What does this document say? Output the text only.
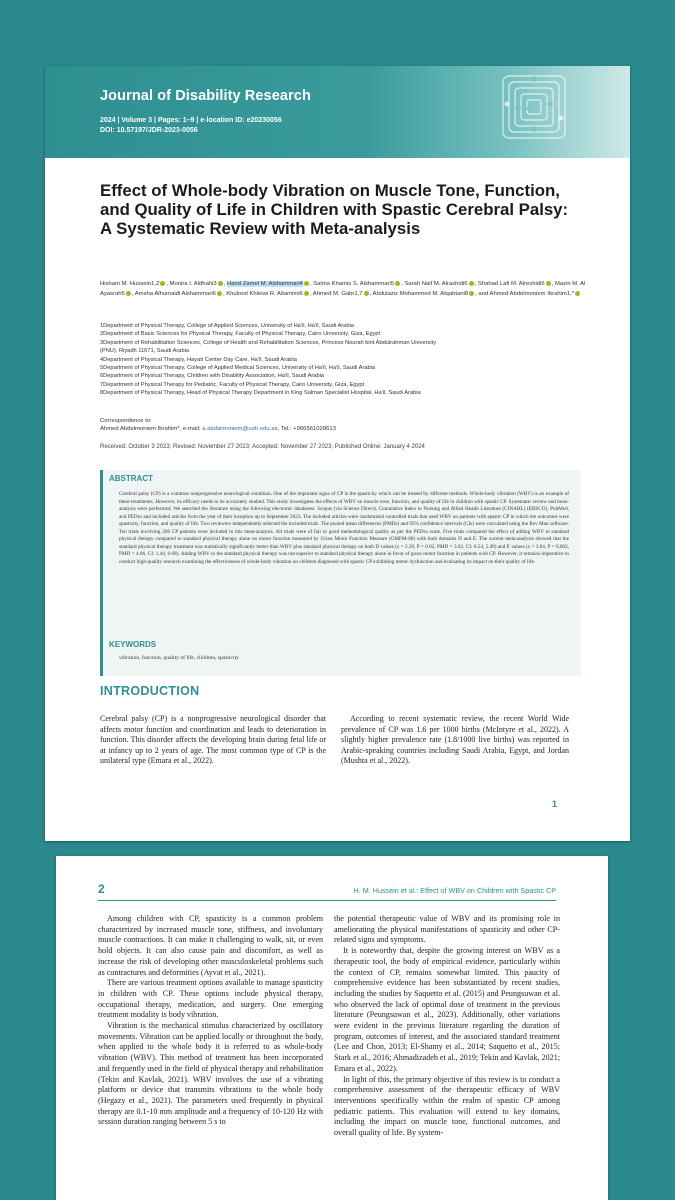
Journal of Disability Research
2024 | Volume 3 | Pages: 1–9 | e-location ID: e20230056
DOI: 10.57197/JDR-2023-0056
Effect of Whole-body Vibration on Muscle Tone, Function, and Quality of Life in Children with Spastic Cerebral Palsy: A Systematic Review with Meta-analysis
Hisham M. Hussein1,2 , Monira I. Aldhahi3 , Hand Zamel M. Alshammari4 , Salma Khamis S. Alshammari5 , Sarah Naif M. Alrashidi6 , Shahad Lafi M. Alreshidi6 , Mazin M. Al Ayasrah5 , Amsha Alhumaidi Alshammari6 , Khulood Khleiwi R. Altamimi6 , Ahmed M. Gabr1,7 , Abdulaziz Mohammed M. Alqahtani8 , and Ahmed Abdelmoniem Ibrahim1,*
1Department of Physical Therapy, College of Applied Sciences, University of Ha'il, Ha'il, Saudi Arabia
2Department of Basic Sciences for Physical Therapy, Faculty of Physical Therapy, Cairo University, Giza, Egypt
3Department of Rehabilitation Sciences, College of Health and Rehabilitation Sciences, Princess Nourah bint Abdulrahman University
(PNU), Riyadh 11671, Saudi Arabia
4Department of Physical Therapy, Hayati Center Day Care, Ha'il, Saudi Arabia
5Department of Physical Therapy, College of Applied Medical Sciences, University of Ha'il, Ha'il, Saudi Arabia
6Department of Physical Therapy, Children with Disability Association, Ha'il, Saudi Arabia
7Department of Physical Therapy for Pediatric, Faculty of Physical Therapy, Cairo University, Giza, Egypt
8Department of Physical Therapy, Head of Physical Therapy Department in King Salman Specialist Hospital, Ha'il, Saudi Arabia
Correspondence to:
Ahmed Abdelmoniem Ibrahim*, e-mail: a.abdalmoniem@uoh.edu.sa, Tel.: +966561028613
Received: October 3 2023; Revised: November 27 2023; Accepted: November 27 2023; Published Online: January 4 2024
ABSTRACT
Cerebral palsy (CP) is a common nonprogressive neurological condition. One of the important signs of CP is the spasticity which can be treated by different methods. Whole-body vibration (WBV) is an example of these treatments. However, its efficacy needs to be accurately studied. This study investigates the effects of WBV on muscle tone, function, and quality of life in children with spastic CP. Systematic review and meta-analysis were performed. We searched the literature using the following electronic databases: Scopus (via Science Direct), Cumulative Index to Nursing and Allied Health Literature (CINAHL) (EBSCO), PubMed, and PEDro and included articles from the year of their inception up to September 2023. The included articles were randomized controlled trials that used WBV on patients with spastic CP in which the outcomes were spasticity, function, and quality of life. Two reviewers independently selected the included trials. The pooled mean differences (PMDs) and 95% confidence intervals (CIs) were calculated using the Rev Man software. Ten trials involving 206 CP patients were included in this meta-analysis. All trials were of fair to good methodological quality as per the PEDro scale. Five trials compared the effect of adding WBV to standard physical therapy compared to standard physical therapy alone on motor function measured by Gross Motor Function Measure (GMFM-88) with both domains D and E. The current meta-analysis showed that the standard physical therapy treatment was statistically significantly better than WBV plus standard physical therapy on both D values (z = 2.39, P = 0.02, PMD = 3.02, CI: 0.54, 5.49) and E values (z = 3.04, P = 0.002, PMD = 4.06, CI: 1.44, 6.68). Adding WBV to the standard physical therapy was not superior to standard physical therapy alone in favor of gross motor function in patients with CP. However, it remains imperative to conduct high-quality research examining the effectiveness of whole-body vibration on children diagnosed with spastic CP exhibiting motor dysfunction and evaluating its impact on their quality of life.
KEYWORDS
vibration, function, quality of life, children, spasticity
INTRODUCTION
Cerebral palsy (CP) is a nonprogressive neurological disorder that affects motor function and coordination and leads to deterioration in function. This disorder affects the developing brain during fetal life or at infancy up to 2 years of age. The most common type of CP is the unilateral type (Emara et al., 2022).
According to recent systematic review, the recent World Wide prevalence of CP was 1.6 per 1000 births (McIntyre et al., 2022). A slightly higher prevalence rate (1.8/1000 live births) was reported in Arabic-speaking countries including Saudi Arabia, Egypt, and Jordan (Mushta et al., 2022).
1
2	H. M. Hussein et al.: Effect of WBV on Children with Spastic CP

Among children with CP, spasticity is a common problem characterized by increased muscle tone, stiffness, and involuntary muscle contractions. It can make it challenging to walk, sit, or even hold objects. It can also cause pain and discomfort, as well as increase the risk of developing other musculoskeletal problems such as contractures and deformities (Ayvat et al., 2021).

There are various treatment options available to manage spasticity in children with CP. These options include physical therapy, occupational therapy, medication, and surgery. One emerging treatment modality is body vibration.

Vibration is the mechanical stimulus characterized by oscillatory movements. Vibration can be applied locally or throughout the body, when applied to the whole body it is referred to as whole-body vibration (WBV). This method of treatment has been incorporated and frequently used in the field of physical therapy and rehabilitation (Tekin and Kavlak, 2021). WBV involves the use of a vibrating platform or device that transmits vibrations to the whole body (Hegazy et al., 2021). The parameters used frequently in physical therapy are 0.1-10 mm amplitude and a frequency of 10-120 Hz with session duration ranging between 5 s to

the potential therapeutic value of WBV and its promising role in ameliorating the physical manifestations of spasticity and other CP-related signs and symptoms.

It is noteworthy that, despite the growing interest on WBV as a therapeutic tool, the body of empirical evidence, particularly within the context of CP, remains somewhat limited. This paucity of comprehensive evidence has been substantiated by recent studies, including the studies by Saquetto et al. (2015) and Peungsuwan et al. who observed the lack of optimal dose of treatment in the previous literature (Peungsuwan et al., 2023). Additionally, other variations were evident in the previous literature regarding the duration of program, outcomes of interest, and the associated standard treatment (Lee and Chon, 2013; El-Shamy et al., 2014; Saquetto et al., 2015; Stark et al., 2016; Ahmadizadeh et al., 2019; Tekin and Kavlak, 2021; Emara et al., 2022).

In light of this, the primary objective of this review is to conduct a comprehensive assessment of the therapeutic efficacy of WBV interventions specifically within the realm of spastic CP among pediatric patients. This evaluation will extend to key domains, including the impact on muscle tone, functional outcomes, and overall quality of life. By system-
